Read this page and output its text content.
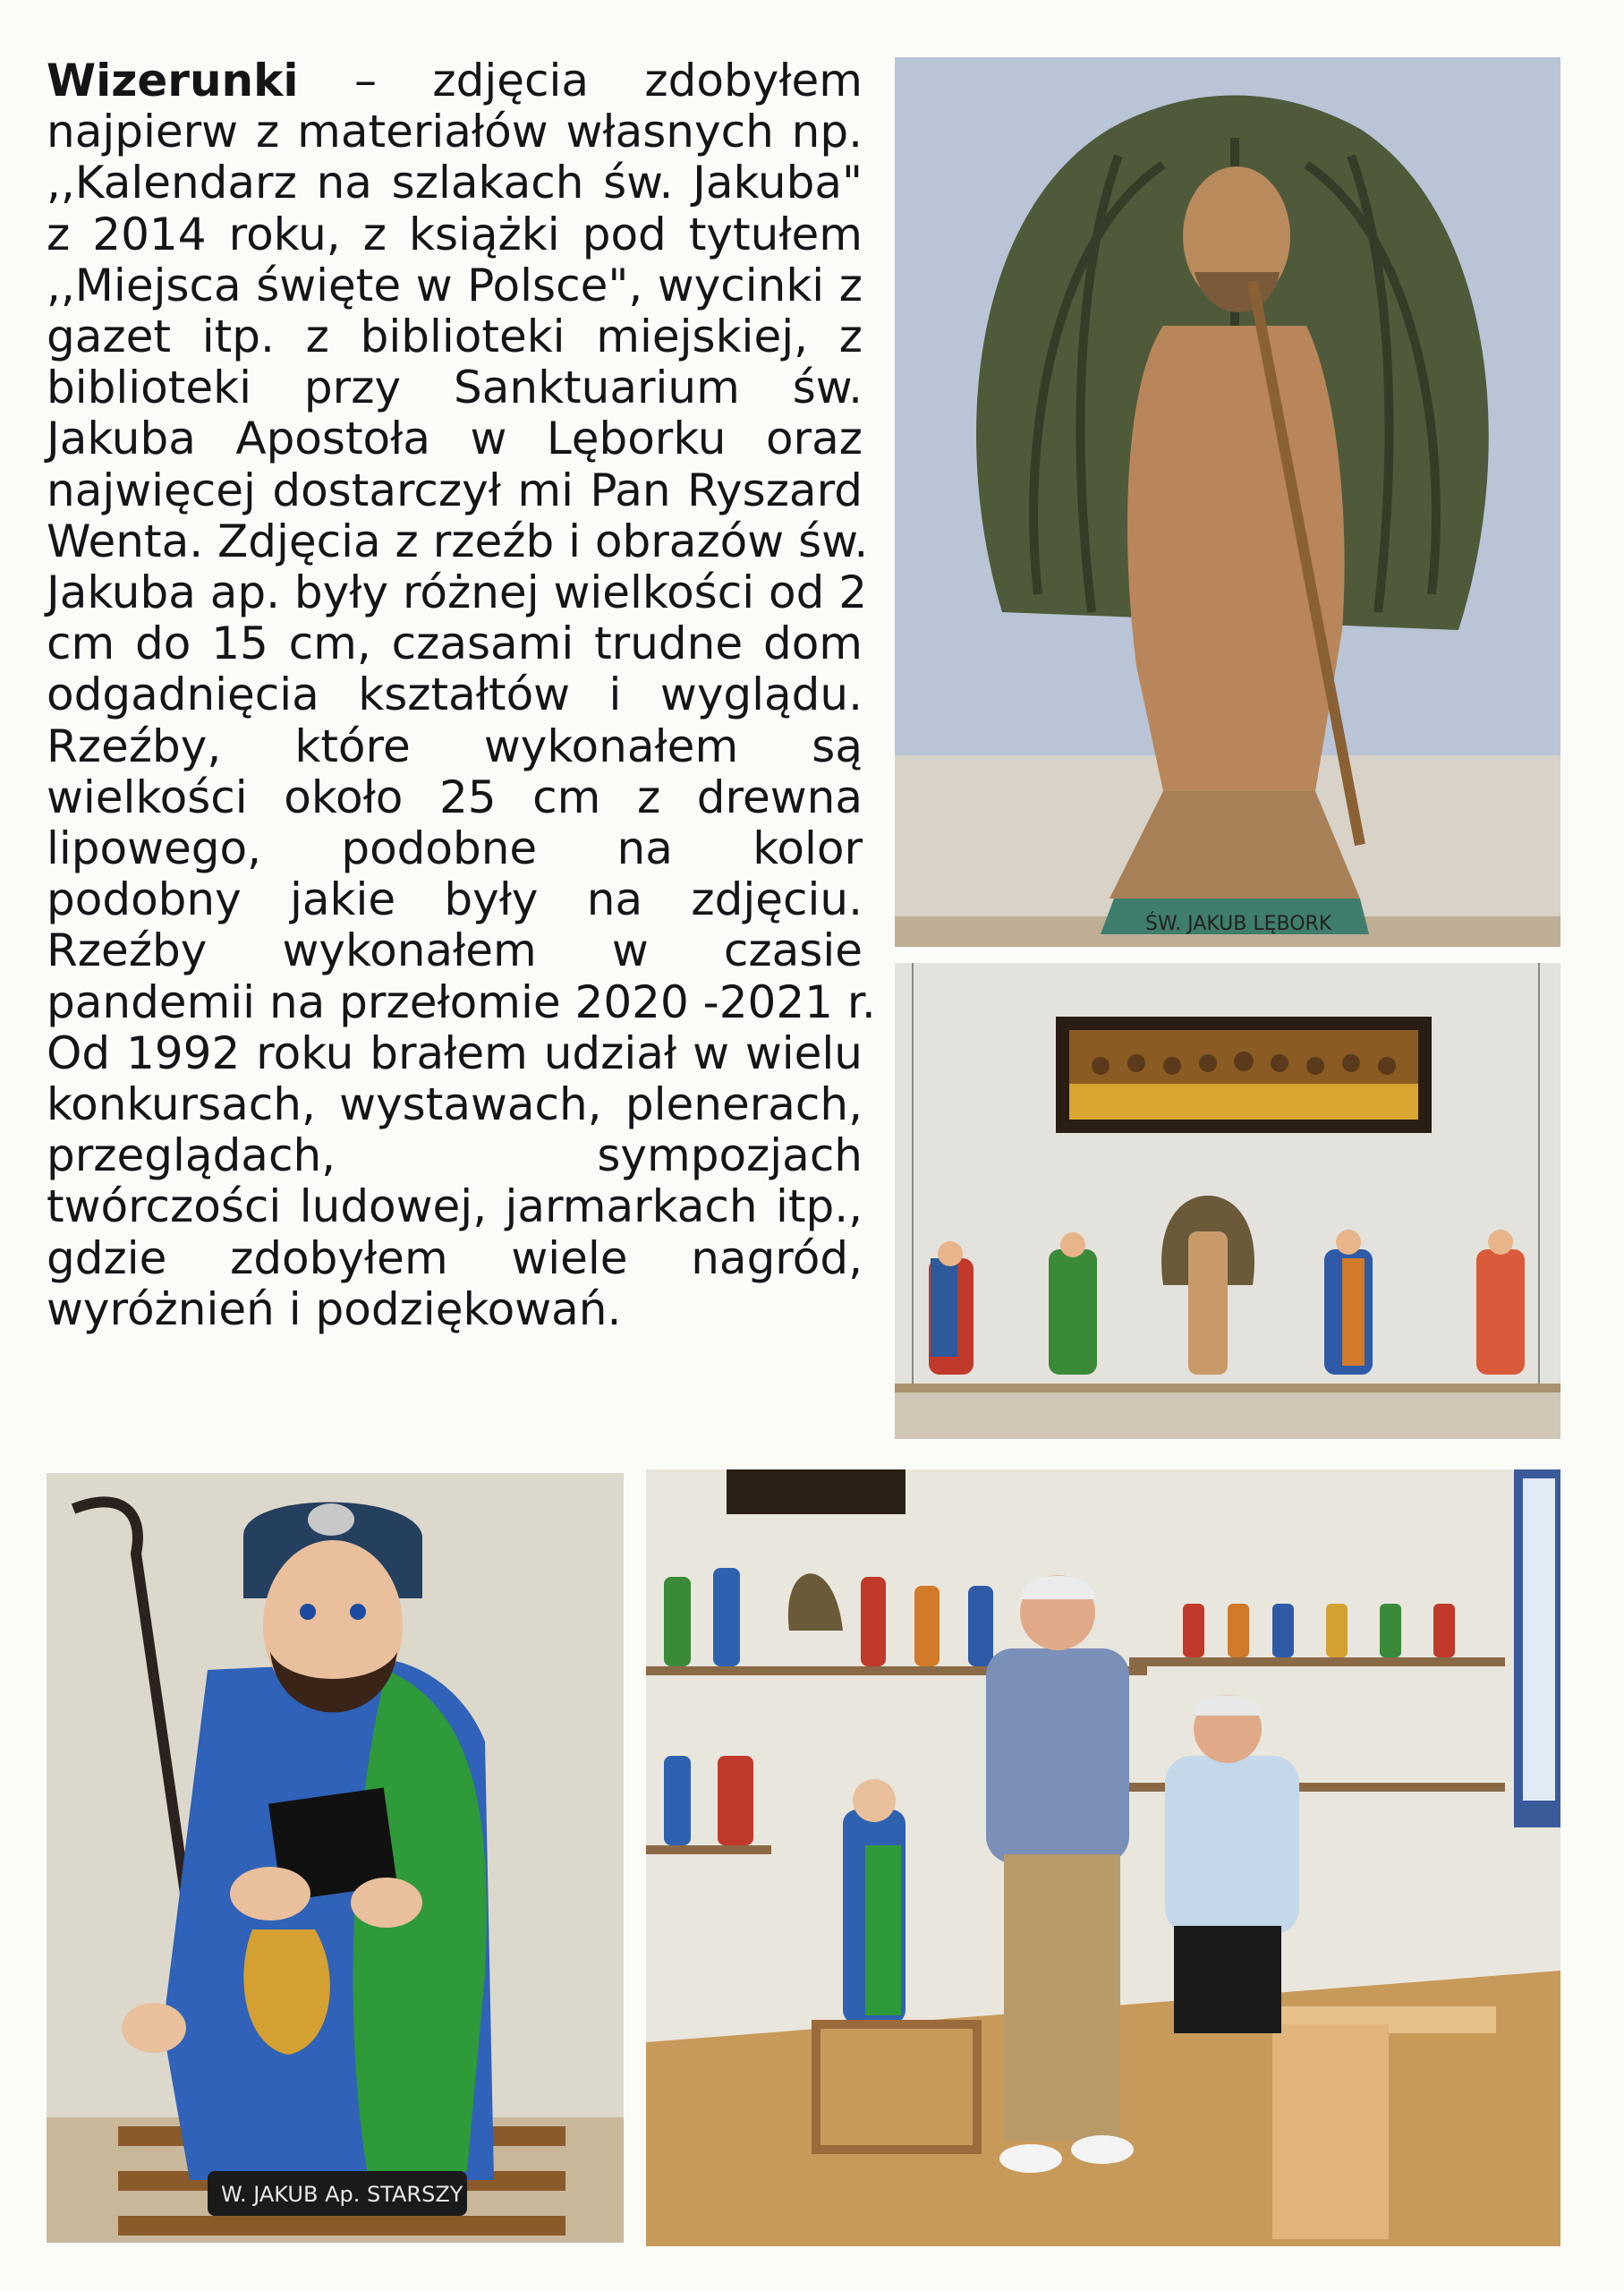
Wizerunki – zdjęcia zdobyłem
najpierw z materiałów własnych np.
,,Kalendarz na szlakach św. Jakuba"
z 2014 roku, z książki pod tytułem
,,Miejsca święte w Polsce", wycinki z
gazet itp. z biblioteki miejskiej, z
biblioteki przy Sanktuarium św.
Jakuba Apostoła w Lęborku oraz
najwięcej dostarczył mi Pan Ryszard
Wenta. Zdjęcia z rzeźb i obrazów św.
Jakuba ap. były różnej wielkości od 2
cm do 15 cm, czasami trudne dom
odgadnięcia kształtów i wyglądu.
Rzeźby, które wykonałem są
wielkości około 25 cm z drewna
lipowego, podobne na kolor
podobny jakie były na zdjęciu.
Rzeźby wykonałem w czasie
pandemii na przełomie 2020 -2021 r.
Od 1992 roku brałem udział w wielu
konkursach, wystawach, plenerach,
przeglądach, sympozjach
twórczości ludowej, jarmarkach itp.,
gdzie zdobyłem wiele nagród,
wyróżnień i podziękowań.
ŚW. JAKUB LĘBORK
W. JAKUB Ap. STARSZY
